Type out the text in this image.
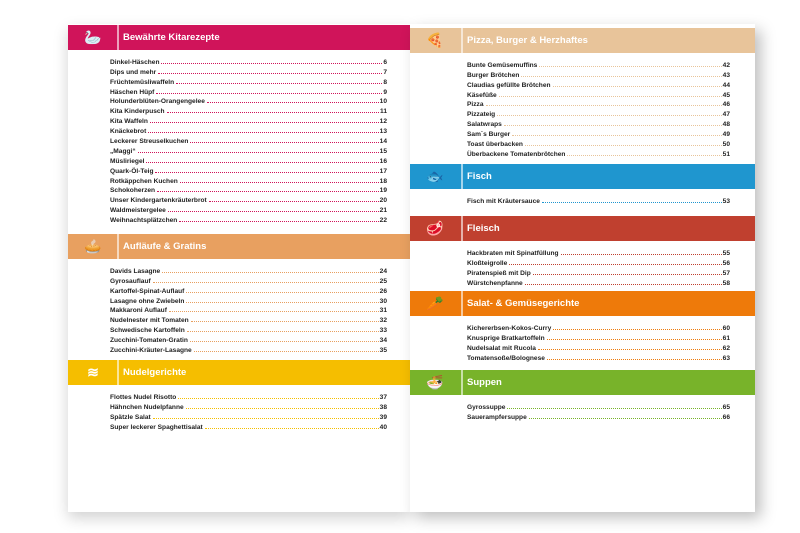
🦢	Bewährte Kitarezepte
Dinkel-Häschen	6
Dips und mehr	7
Früchtemüsliwaffeln	8
Häschen Hüpf	9
Holunderblüten-Orangengelee	10
Kita Kinderpusch	11
Kita Waffeln	12
Knäckebrot	13
Leckerer Streuselkuchen	14
„Maggi“	15
Müsliriegel	16
Quark-Öl-Teig	17
Rotkäppchen Kuchen	18
Schokoherzen	19
Unser Kindergartenkräuterbrot	20
Waldmeistergelee	21
Weihnachtsplätzchen	22
🥧	Aufläufe & Gratins
Davids Lasagne	24
Gyrosauflauf	25
Kartoffel-Spinat-Auflauf	26
Lasagne ohne Zwiebeln	30
Makkaroni Auflauf	31
Nudelnester mit Tomaten	32
Schwedische Kartoffeln	33
Zucchini-Tomaten-Gratin	34
Zucchini-Kräuter-Lasagne	35
≋	Nudelgerichte
Flottes Nudel Risotto	37
Hähnchen Nudelpfanne	38
Spätzle Salat	39
Super leckerer Spaghettisalat	40
🍕	Pizza, Burger & Herzhaftes
Bunte Gemüsemuffins	42
Burger Brötchen	43
Claudias gefüllte Brötchen	44
Käsefüße	45
Pizza	46
Pizzateig	47
Salatwraps	48
Sam´s Burger	49
Toast überbacken	50
Überbackene Tomatenbrötchen	51
🐟	Fisch
Fisch mit Kräutersauce	53
🥩	Fleisch
Hackbraten mit Spinatfüllung	55
Kloßteigrolle	56
Piratenspieß mit Dip	57
Würstchenpfanne	58
🥕	Salat- & Gemüsegerichte
Kichererbsen-Kokos-Curry	60
Knusprige Bratkartoffeln	61
Nudelsalat mit Rucola	62
Tomatensoße/Bolognese	63
🍜	Suppen
Gyrossuppe	65
Sauerampfersuppe	66
